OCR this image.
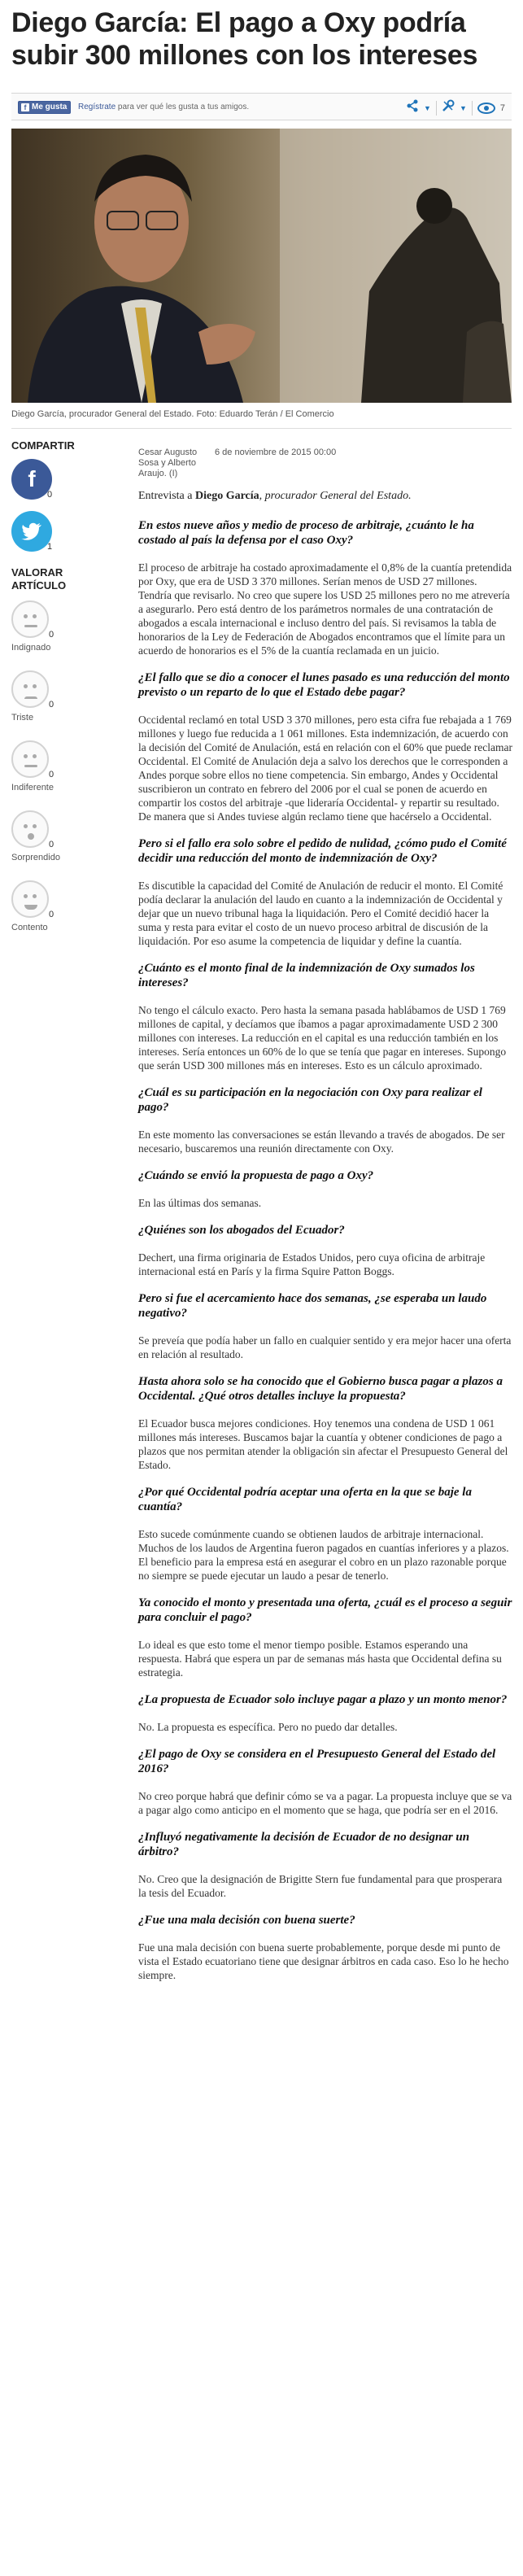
Diego García: El pago a Oxy podría subir 300 millones con los intereses
f Me gusta Regístrate para ver qué les gusta a tus amigos.	▼	▼	7
Diego García, procurador General del Estado. Foto: Eduardo Terán / El Comercio
COMPARTIR
f
0
1
VALORAR ARTÍCULO
0
Indignado
0
Triste
0
Indiferente
0
Sorprendido
0
Contento
Cesar Augusto Sosa y Alberto Araujo. (I)6 de noviembre de 2015 00:00

Entrevista a Diego García, procurador General del Estado.

En estos nueve años y medio de proceso de arbitraje, ¿cuánto le ha costado al país la defensa por el caso Oxy?

El proceso de arbitraje ha costado aproximadamente el 0,8% de la cuantía pretendida por Oxy, que era de USD 3 370 millones. Serían menos de USD 27 millones. Tendría que revisarlo. No creo que supere los USD 25 millones pero no me atrevería a asegurarlo. Pero está dentro de los parámetros normales de una contratación de abogados a escala internacional e incluso dentro del país. Si revisamos la tabla de honorarios de la Ley de Federación de Abogados encontramos que el límite para un acuerdo de honorarios es el 5% de la cuantía reclamada en un juicio.

¿El fallo que se dio a conocer el lunes pasado es una reducción del monto previsto o un reparto de lo que el Estado debe pagar?

Occidental reclamó en total USD 3 370 millones, pero esta cifra fue rebajada a 1 769 millones y luego fue reducida a 1 061 millones. Esta indemnización, de acuerdo con la decisión del Comité de Anulación, está en relación con el 60% que puede reclamar Occidental. El Comité de Anulación deja a salvo los derechos que le corresponden a Andes porque sobre ellos no tiene competencia. Sin embargo, Andes y Occidental suscribieron un contrato en febrero del 2006 por el cual se ponen de acuerdo en compartir los costos del arbitraje -que lideraría Occidental- y repartir su resultado. De manera que si Andes tuviese algún reclamo tiene que hacérselo a Occidental.

Pero si el fallo era solo sobre el pedido de nulidad, ¿cómo pudo el Comité decidir una reducción del monto de indemnización de Oxy?

Es discutible la capacidad del Comité de Anulación de reducir el monto. El Comité podía declarar la anulación del laudo en cuanto a la indemnización de Occidental y dejar que un nuevo tribunal haga la liquidación. Pero el Comité decidió hacer la suma y resta para evitar el costo de un nuevo proceso arbitral de discusión de la liquidación. Por eso asume la competencia de liquidar y define la cuantía.

¿Cuánto es el monto final de la indemnización de Oxy sumados los intereses?

No tengo el cálculo exacto. Pero hasta la semana pasada hablábamos de USD 1 769 millones de capital, y decíamos que íbamos a pagar aproximadamente USD 2 300 millones con intereses. La reducción en el capital es una reducción también en los intereses. Sería entonces un 60% de lo que se tenía que pagar en intereses. Supongo que serán USD 300 millones más en intereses. Esto es un cálculo aproximado.

¿Cuál es su participación en la negociación con Oxy para realizar el pago?

En este momento las conversaciones se están llevando a través de abogados. De ser necesario, buscaremos una reunión directamente con Oxy.

¿Cuándo se envió la propuesta de pago a Oxy?

En las últimas dos semanas.

¿Quiénes son los abogados del Ecuador?

Dechert, una firma originaria de Estados Unidos, pero cuya oficina de arbitraje internacional está en París y la firma Squire Patton Boggs.

Pero si fue el acercamiento hace dos semanas, ¿se esperaba un laudo negativo?

Se preveía que podía haber un fallo en cualquier sentido y era mejor hacer una oferta en relación al resultado.

Hasta ahora solo se ha conocido que el Gobierno busca pagar a plazos a Occidental. ¿Qué otros detalles incluye la propuesta?

El Ecuador busca mejores condiciones. Hoy tenemos una condena de USD 1 061 millones más intereses. Buscamos bajar la cuantía y obtener condiciones de pago a plazos que nos permitan atender la obligación sin afectar el Presupuesto General del Estado.

¿Por qué Occidental podría aceptar una oferta en la que se baje la cuantía?

Esto sucede comúnmente cuando se obtienen laudos de arbitraje internacional. Muchos de los laudos de Argentina fueron pagados en cuantías inferiores y a plazos. El beneficio para la empresa está en asegurar el cobro en un plazo razonable porque no siempre se puede ejecutar un laudo a pesar de tenerlo.

Ya conocido el monto y presentada una oferta, ¿cuál es el proceso a seguir para concluir el pago?

Lo ideal es que esto tome el menor tiempo posible. Estamos esperando una respuesta. Habrá que espera un par de semanas más hasta que Occidental defina su estrategia.

¿La propuesta de Ecuador solo incluye pagar a plazo y un monto menor?

No. La propuesta es específica. Pero no puedo dar detalles.

¿El pago de Oxy se considera en el Presupuesto General del Estado del 2016?

No creo porque habrá que definir cómo se va a pagar. La propuesta incluye que se va a pagar algo como anticipo en el momento que se haga, que podría ser en el 2016.

¿Influyó negativamente la decisión de Ecuador de no designar un árbitro?

No. Creo que la designación de Brigitte Stern fue fundamental para que prosperara la tesis del Ecuador.

¿Fue una mala decisión con buena suerte?

Fue una mala decisión con buena suerte probablemente, porque desde mi punto de vista el Estado ecuatoriano tiene que designar árbitros en cada caso. Eso lo he hecho siempre.
